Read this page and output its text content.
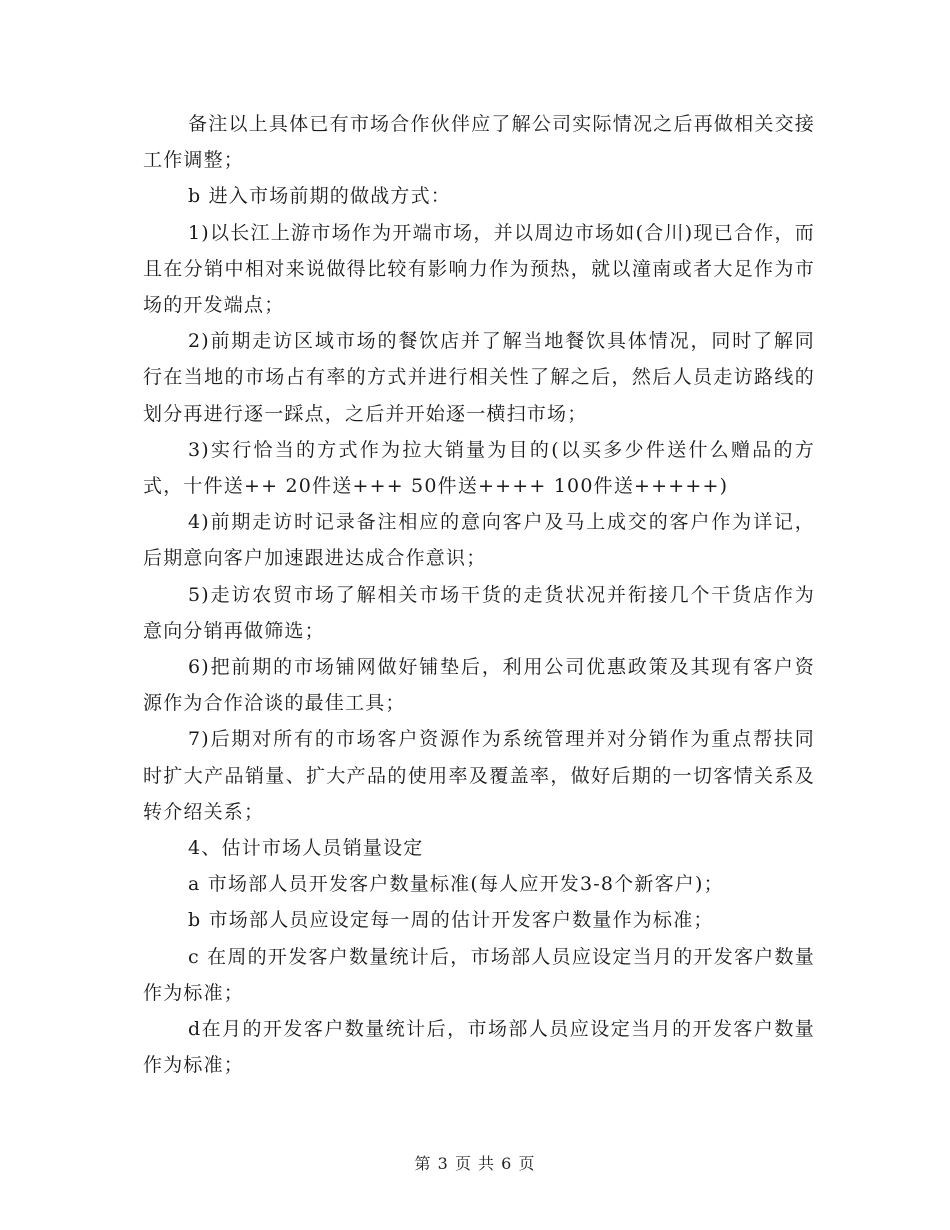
备注以上具体已有市场合作伙伴应了解公司实际情况之后再做相关交接工作调整；

b 进入市场前期的做战方式：

1)以长江上游市场作为开端市场，并以周边市场如(合川)现已合作，而且在分销中相对来说做得比较有影响力作为预热，就以潼南或者大足作为市场的开发端点；

2)前期走访区域市场的餐饮店并了解当地餐饮具体情况，同时了解同行在当地的市场占有率的方式并进行相关性了解之后，然后人员走访路线的划分再进行逐一踩点，之后并开始逐一横扫市场；

3)实行恰当的方式作为拉大销量为目的(以买多少件送什么赠品的方式，十件送++ 20件送+++ 50件送++++ 100件送+++++)

4)前期走访时记录备注相应的意向客户及马上成交的客户作为详记，后期意向客户加速跟进达成合作意识；

5)走访农贸市场了解相关市场干货的走货状况并衔接几个干货店作为意向分销再做筛选；

6)把前期的市场铺网做好铺垫后，利用公司优惠政策及其现有客户资源作为合作洽谈的最佳工具；

7)后期对所有的市场客户资源作为系统管理并对分销作为重点帮扶同时扩大产品销量、扩大产品的使用率及覆盖率，做好后期的一切客情关系及转介绍关系；

4、估计市场人员销量设定

a 市场部人员开发客户数量标准(每人应开发3-8个新客户)；

b 市场部人员应设定每一周的估计开发客户数量作为标准；

c 在周的开发客户数量统计后，市场部人员应设定当月的开发客户数量作为标准；

d在月的开发客户数量统计后，市场部人员应设定当月的开发客户数量作为标准；

第 3 页 共 6 页
